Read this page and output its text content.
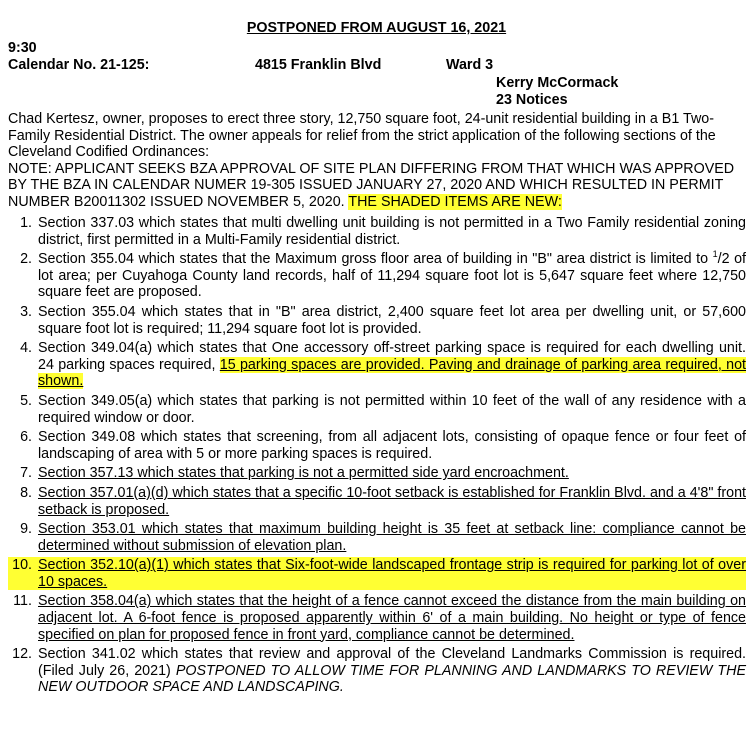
POSTPONED FROM AUGUST 16, 2021
9:30
Calendar No. 21-125:	4815 Franklin Blvd	Ward 3
Kerry McCormack
23 Notices

Chad Kertesz, owner, proposes to erect three story, 12,750 square foot, 24-unit residential building in a B1 Two-Family Residential District. The owner appeals for relief from the strict application of the following sections of the Cleveland Codified Ordinances:

NOTE: APPLICANT SEEKS BZA APPROVAL OF SITE PLAN DIFFERING FROM THAT WHICH WAS APPROVED BY THE BZA IN CALENDAR NUMER 19-305 ISSUED JANUARY 27, 2020 AND WHICH RESULTED IN PERMIT NUMBER B20011302 ISSUED NOVEMBER 5, 2020. THE SHADED ITEMS ARE NEW:

1. Section 337.03 which states that multi dwelling unit building is not permitted in a Two Family residential zoning district, first permitted in a Multi-Family residential district.
2. Section 355.04 which states that the Maximum gross floor area of building in "B" area district is limited to $^1$/2 of lot area; per Cuyahoga County land records, half of 11,294 square foot lot is 5,647 square feet where 12,750 square feet are proposed.
3. Section 355.04 which states that in "B" area district, 2,400 square feet lot area per dwelling unit, or 57,600 square foot lot is required; 11,294 square foot lot is provided.
4. Section 349.04(a) which states that One accessory off-street parking space is required for each dwelling unit. 24 parking spaces required, 15 parking spaces are provided. Paving and drainage of parking area required, not shown.
5. Section 349.05(a) which states that parking is not permitted within 10 feet of the wall of any residence with a required window or door.
6. Section 349.08 which states that screening, from all adjacent lots, consisting of opaque fence or four feet of landscaping of area with 5 or more parking spaces is required.
7. Section 357.13 which states that parking is not a permitted side yard encroachment.
8. Section 357.01(a)(d) which states that a specific 10-foot setback is established for Franklin Blvd. and a 4'8" front setback is proposed.
9. Section 353.01 which states that maximum building height is 35 feet at setback line: compliance cannot be determined without submission of elevation plan.
10. Section 352.10(a)(1) which states that Six-foot-wide landscaped frontage strip is required for parking lot of over 10 spaces.
11. Section 358.04(a) which states that the height of a fence cannot exceed the distance from the main building on adjacent lot. A 6-foot fence is proposed apparently within 6' of a main building. No height or type of fence specified on plan for proposed fence in front yard, compliance cannot be determined.
12. Section 341.02 which states that review and approval of the Cleveland Landmarks Commission is required. (Filed July 26, 2021) POSTPONED TO ALLOW TIME FOR PLANNING AND LANDMARKS TO REVIEW THE NEW OUTDOOR SPACE AND LANDSCAPING.
